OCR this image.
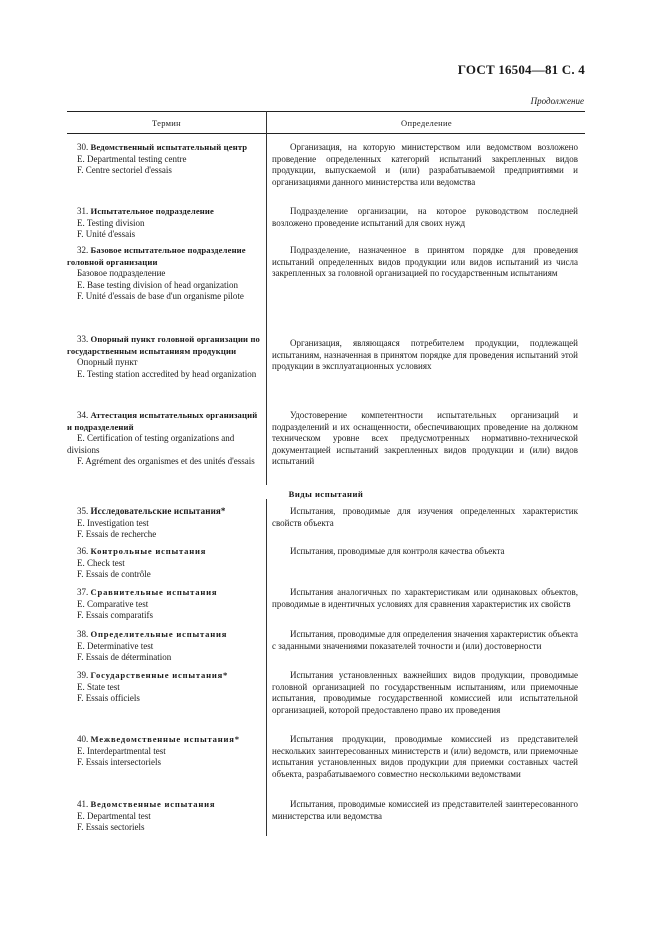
ГОСТ 16504—81 С. 4
Продолжение
Термин	Определение
30. Ведомственный испытательный центр
E. Departmental testing centre
F. Centre sectoriel d'essais
Организация, на которую министерством или ведомством возложено проведение определенных категорий испытаний закрепленных видов продукции, выпускаемой и (или) разрабатываемой предприятиями и организациями данного министерства или ведомства
31. Испытательное подразделение
E. Testing division
F. Unité d'essais
Подразделение организации, на которое руководством последней возложено проведение испытаний для своих нужд
32. Базовое испытательное подразделение головной организации
Базовое подразделение
E. Base testing division of head organization
F. Unité d'essais de base d'un organisme pilote
Подразделение, назначенное в принятом порядке для проведения испытаний определенных видов продукции или видов испытаний из числа закрепленных за головной организацией по государственным испытаниям
33. Опорный пункт головной организации по государственным испытаниям продукции
Опорный пункт
E. Testing station accredited by head organization
Организация, являющаяся потребителем продукции, подлежащей испытаниям, назначенная в принятом порядке для проведения испытаний этой продукции в эксплуатационных условиях
34. Аттестация испытательных организаций и подразделений
E. Certification of testing organizations and divisions
F. Agrément des organismes et des unités d'essais
Удостоверение компетентности испытательных организаций и подразделений и их оснащенности, обеспечивающих проведение на должном техническом уровне всех предусмотренных нормативно-технической документацией испытаний закрепленных видов продукции и (или) видов испытаний
Виды испытаний
35. Исследовательские испытания*
E. Investigation test
F. Essais de recherche
Испытания, проводимые для изучения определенных характеристик свойств объекта
36. Контрольные испытания
E. Check test
F. Essais de contrôle
Испытания, проводимые для контроля качества объекта
37. Сравнительные испытания
E. Comparative test
F. Essais comparatifs
Испытания аналогичных по характеристикам или одинаковых объектов, проводимые в идентичных условиях для сравнения характеристик их свойств
38. Определительные испытания
E. Determinative test
F. Essais de détermination
Испытания, проводимые для определения значения характеристик объекта с заданными значениями показателей точности и (или) достоверности
39. Государственные испытания*
E. State test
F. Essais officiels
Испытания установленных важнейших видов продукции, проводимые головной организацией по государственным испытаниям, или приемочные испытания, проводимые государственной комиссией или испытательной организацией, которой предоставлено право их проведения
40. Межведомственные испытания*
E. Interdepartmental test
F. Essais intersectoriels
Испытания продукции, проводимые комиссией из представителей нескольких заинтересованных министерств и (или) ведомств, или приемочные испытания установленных видов продукции для приемки составных частей объекта, разрабатываемого совместно несколькими ведомствами
41. Ведомственные испытания
E. Departmental test
F. Essais sectoriels
Испытания, проводимые комиссией из представителей заинтересованного министерства или ведомства
